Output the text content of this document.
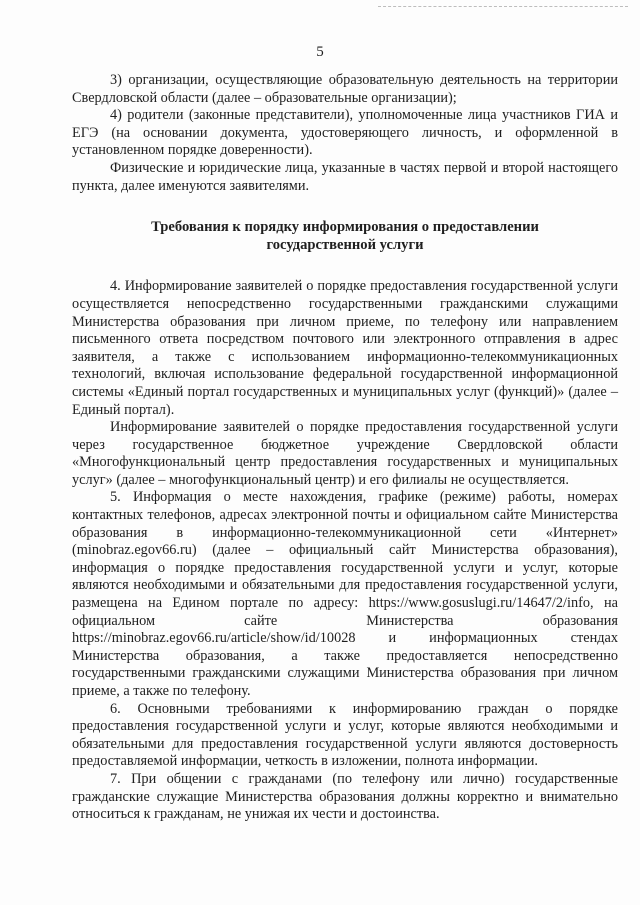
5

3) организации, осуществляющие образовательную деятельность на территории Свердловской области (далее – образовательные организации);

4) родители (законные представители), уполномоченные лица участников ГИА и ЕГЭ (на основании документа, удостоверяющего личность, и оформленной в установленном порядке доверенности).

Физические и юридические лица, указанные в частях первой и второй настоящего пункта, далее именуются заявителями.

Требования к порядку информирования о предоставлении
государственной услуги

4. Информирование заявителей о порядке предоставления государственной услуги осуществляется непосредственно государственными гражданскими служащими Министерства образования при личном приеме, по телефону или направлением письменного ответа посредством почтового или электронного отправления в адрес заявителя, а также с использованием информационно-телекоммуникационных технологий, включая использование федеральной государственной информационной системы «Единый портал государственных и муниципальных услуг (функций)» (далее – Единый портал).

Информирование заявителей о порядке предоставления государственной услуги через государственное бюджетное учреждение Свердловской области «Многофункциональный центр предоставления государственных и муниципальных услуг» (далее – многофункциональный центр) и его филиалы не осуществляется.

5. Информация о месте нахождения, графике (режиме) работы, номерах контактных телефонов, адресах электронной почты и официальном сайте Министерства образования в информационно-телекоммуникационной сети «Интернет» (minobraz.egov66.ru) (далее – официальный сайт Министерства образования), информация о порядке предоставления государственной услуги и услуг, которые являются необходимыми и обязательными для предоставления государственной услуги, размещена на Едином портале по адресу: https://www.gosuslugi.ru/14647/2/info, на официальном сайте Министерства образования https://minobraz.egov66.ru/article/show/id/10028 и информационных стендах Министерства образования, а также предоставляется непосредственно государственными гражданскими служащими Министерства образования при личном приеме, а также по телефону.

6. Основными требованиями к информированию граждан о порядке предоставления государственной услуги и услуг, которые являются необходимыми и обязательными для предоставления государственной услуги являются достоверность предоставляемой информации, четкость в изложении, полнота информации.

7. При общении с гражданами (по телефону или лично) государственные гражданские служащие Министерства образования должны корректно и внимательно относиться к гражданам, не унижая их чести и достоинства.
